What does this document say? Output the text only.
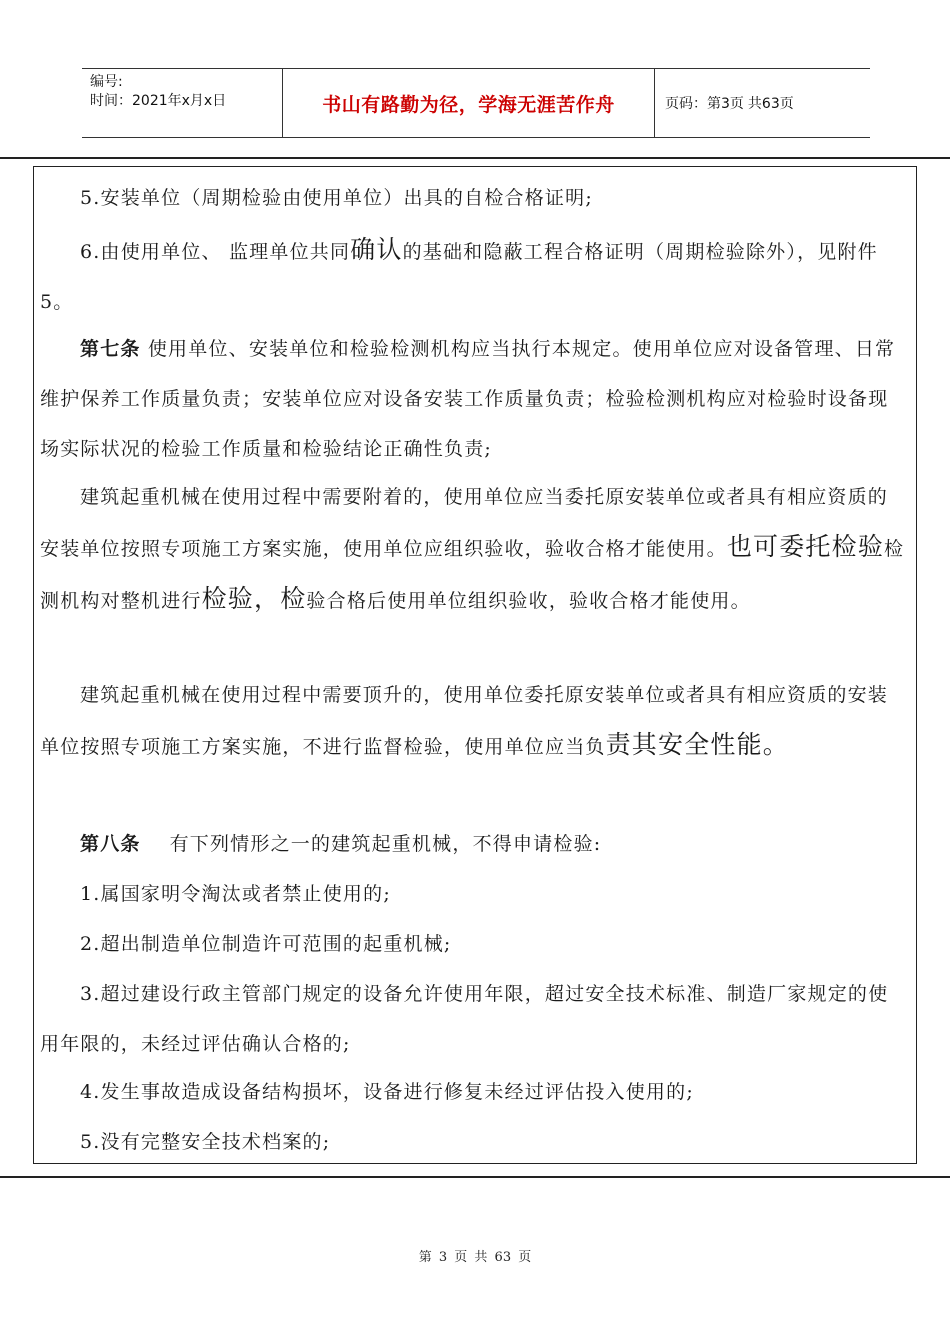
编号:
时间：2021年x月x日	书山有路勤为径，学海无涯苦作舟	页码：第3页 共63页

5.安装单位（周期检验由使用单位）出具的自检合格证明;

6.由使用单位、 监理单位共同确认的基础和隐蔽工程合格证明（周期检验除外），见附件5。

第七条 使用单位、安装单位和检验检测机构应当执行本规定。使用单位应对设备管理、日常维护保养工作质量负责；安装单位应对设备安装工作质量负责；检验检测机构应对检验时设备现场实际状况的检验工作质量和检验结论正确性负责;

建筑起重机械在使用过程中需要附着的，使用单位应当委托原安装单位或者具有相应资质的安装单位按照专项施工方案实施，使用单位应组织验收，验收合格才能使用。也可委托检验检测机构对整机进行检验，检验合格后使用单位组织验收，验收合格才能使用。

建筑起重机械在使用过程中需要顶升的，使用单位委托原安装单位或者具有相应资质的安装单位按照专项施工方案实施，不进行监督检验，使用单位应当负责其安全性能。

第八条    有下列情形之一的建筑起重机械，不得申请检验:

1.属国家明令淘汰或者禁止使用的;

2.超出制造单位制造许可范围的起重机械;

3.超过建设行政主管部门规定的设备允许使用年限，超过安全技术标准、制造厂家规定的使用年限的，未经过评估确认合格的;

4.发生事故造成设备结构损坏，设备进行修复未经过评估投入使用的;

5.没有完整安全技术档案的;

第 3 页 共 63 页
